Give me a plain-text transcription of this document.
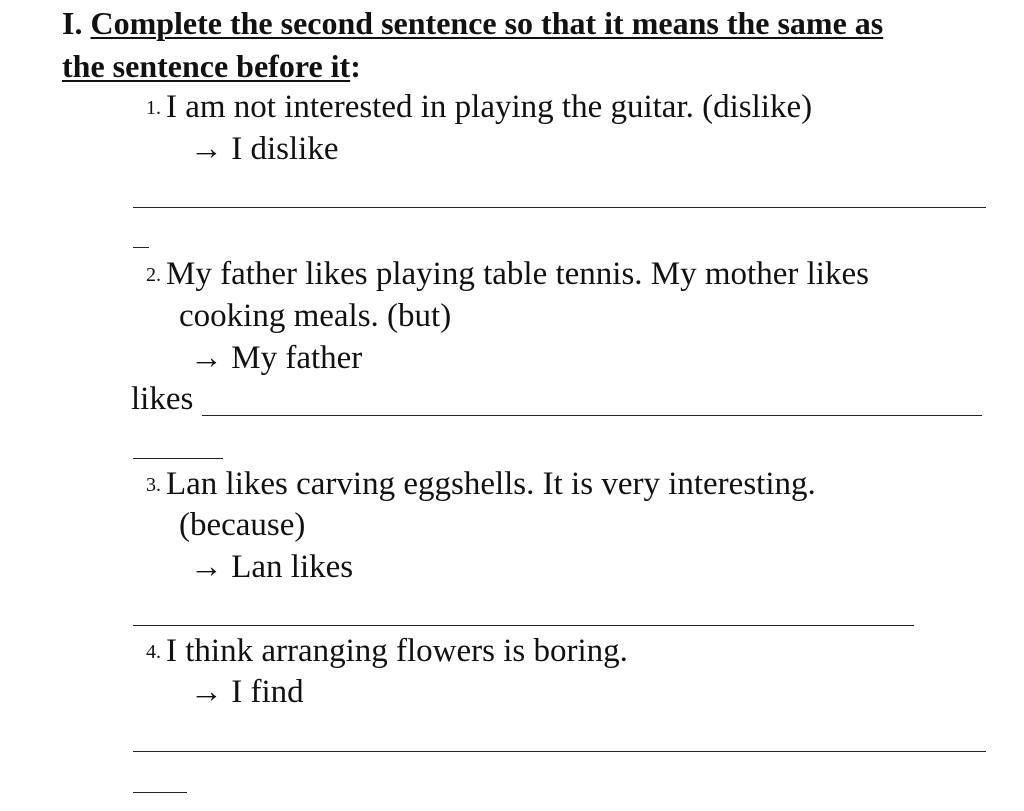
I. Complete the second sentence so that it means the same as
the sentence before it:
1. I am not interested in playing the guitar. (dislike)
→ I dislike
2. My father likes playing table tennis. My mother likes
cooking meals. (but)
→ My father
likes
3. Lan likes carving eggshells. It is very interesting.
(because)
→ Lan likes
4. I think arranging flowers is boring.
→ I find
